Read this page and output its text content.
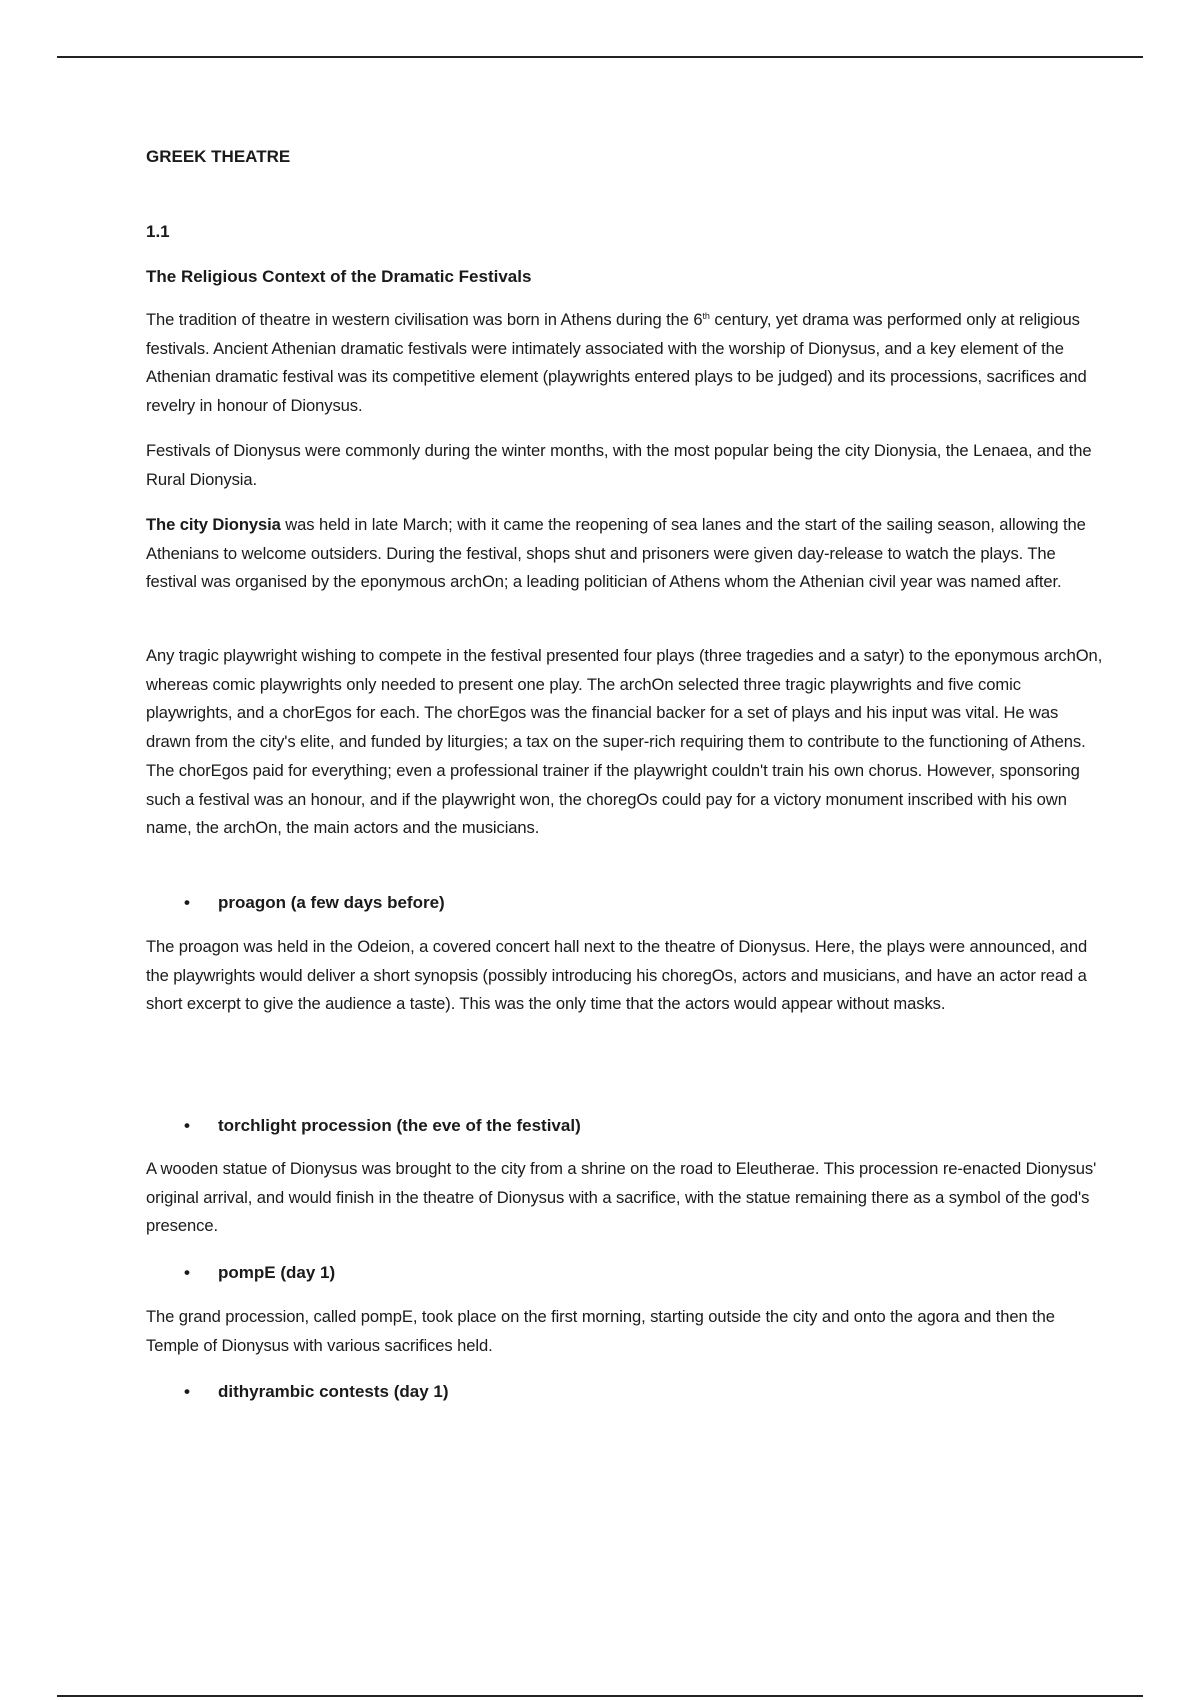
GREEK THEATRE
1.1
The Religious Context of the Dramatic Festivals

The tradition of theatre in western civilisation was born in Athens during the 6th century, yet drama was performed only at religious festivals. Ancient Athenian dramatic festivals were intimately associated with the worship of Dionysus, and a key element of the Athenian dramatic festival was its competitive element (playwrights entered plays to be judged) and its processions, sacrifices and revelry in honour of Dionysus.

Festivals of Dionysus were commonly during the winter months, with the most popular being the city Dionysia, the Lenaea, and the Rural Dionysia.

The city Dionysia was held in late March; with it came the reopening of sea lanes and the start of the sailing season, allowing the Athenians to welcome outsiders. During the festival, shops shut and prisoners were given day-release to watch the plays. The festival was organised by the eponymous archOn; a leading politician of Athens whom the Athenian civil year was named after.

Any tragic playwright wishing to compete in the festival presented four plays (three tragedies and a satyr) to the eponymous archOn, whereas comic playwrights only needed to present one play. The archOn selected three tragic playwrights and five comic playwrights, and a chorEgos for each. The chorEgos was the financial backer for a set of plays and his input was vital. He was drawn from the city's elite, and funded by liturgies; a tax on the super-rich requiring them to contribute to the functioning of Athens. The chorEgos paid for everything; even a professional trainer if the playwright couldn't train his own chorus. However, sponsoring such a festival was an honour, and if the playwright won, the choregOs could pay for a victory monument inscribed with his own name, the archOn, the main actors and the musicians.

• proagon (a few days before)

The proagon was held in the Odeion, a covered concert hall next to the theatre of Dionysus. Here, the plays were announced, and the playwrights would deliver a short synopsis (possibly introducing his choregOs, actors and musicians, and have an actor read a short excerpt to give the audience a taste). This was the only time that the actors would appear without masks.

• torchlight procession (the eve of the festival)

A wooden statue of Dionysus was brought to the city from a shrine on the road to Eleutherae. This procession re-enacted Dionysus' original arrival, and would finish in the theatre of Dionysus with a sacrifice, with the statue remaining there as a symbol of the god's presence.

• pompE (day 1)

The grand procession, called pompE, took place on the first morning, starting outside the city and onto the agora and then the Temple of Dionysus with various sacrifices held.

• dithyrambic contests (day 1)
